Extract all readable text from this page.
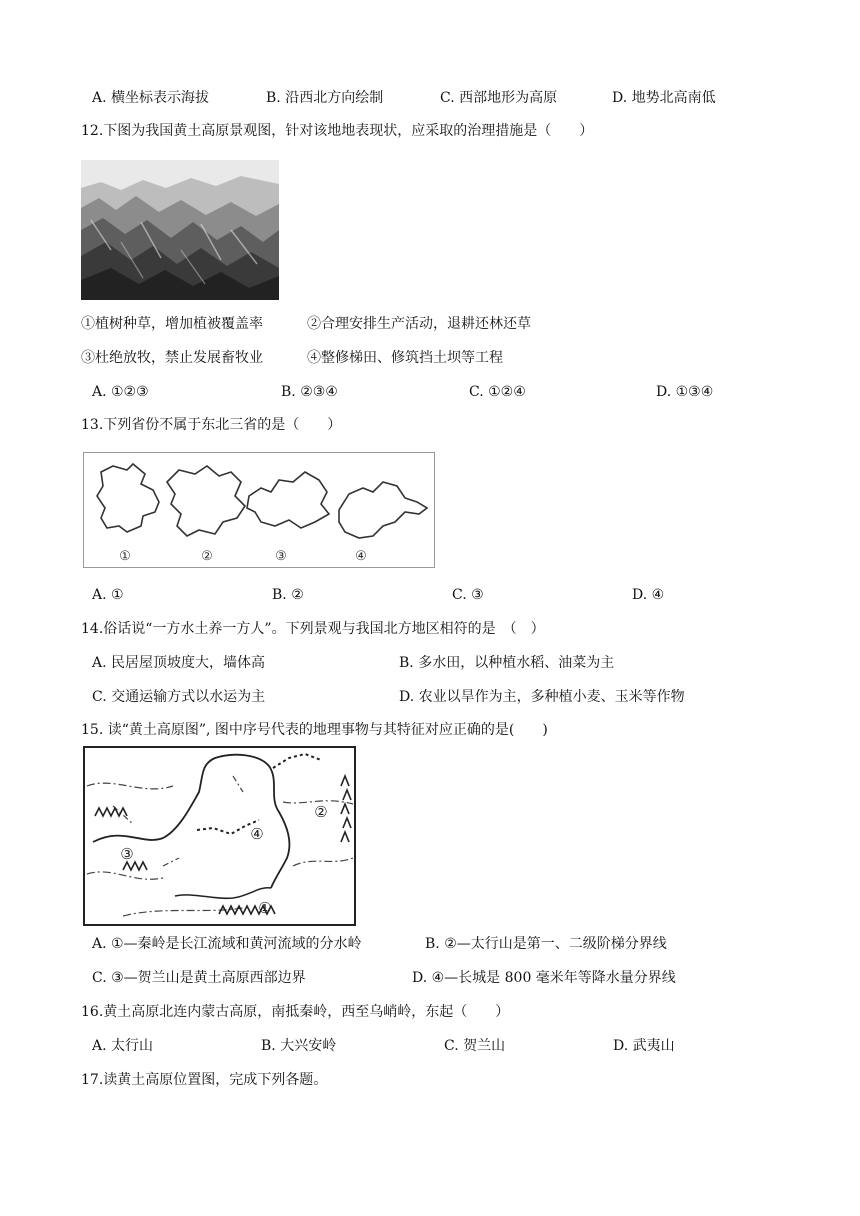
A. 横坐标表示海拔	B. 沿西北方向绘制	C. 西部地形为高原	D. 地势北高南低
12.下图为我国黄土高原景观图，针对该地地表现状，应采取的治理措施是（　　）
①植树种草，增加植被覆盖率	②合理安排生产活动，退耕还林还草
③杜绝放牧，禁止发展畜牧业	④整修梯田、修筑挡土坝等工程
A. ①②③	B. ②③④	C. ①②④	D. ①③④
13.下列省份不属于东北三省的是（　　）
①	②	③	④
A. ①	B. ②	C. ③	D. ④
14.俗话说“一方水土养一方人”。下列景观与我国北方地区相符的是　（　）
A. 民居屋顶坡度大，墙体高	B. 多水田，以种植水稻、油菜为主
C. 交通运输方式以水运为主	D. 农业以旱作为主，多种植小麦、玉米等作物
15. 读“黄土高原图”, 图中序号代表的地理事物与其特征对应正确的是(　　)
②
④
③
①
A. ①—秦岭是长江流域和黄河流域的分水岭	B. ②—太行山是第一、二级阶梯分界线
C. ③—贺兰山是黄土高原西部边界	D. ④—长城是 800 毫米年等降水量分界线
16.黄土高原北连内蒙古高原，南抵秦岭，西至乌峭岭，东起（　　）
A. 太行山	B. 大兴安岭	C. 贺兰山	D. 武夷山
17.读黄土高原位置图，完成下列各题。
